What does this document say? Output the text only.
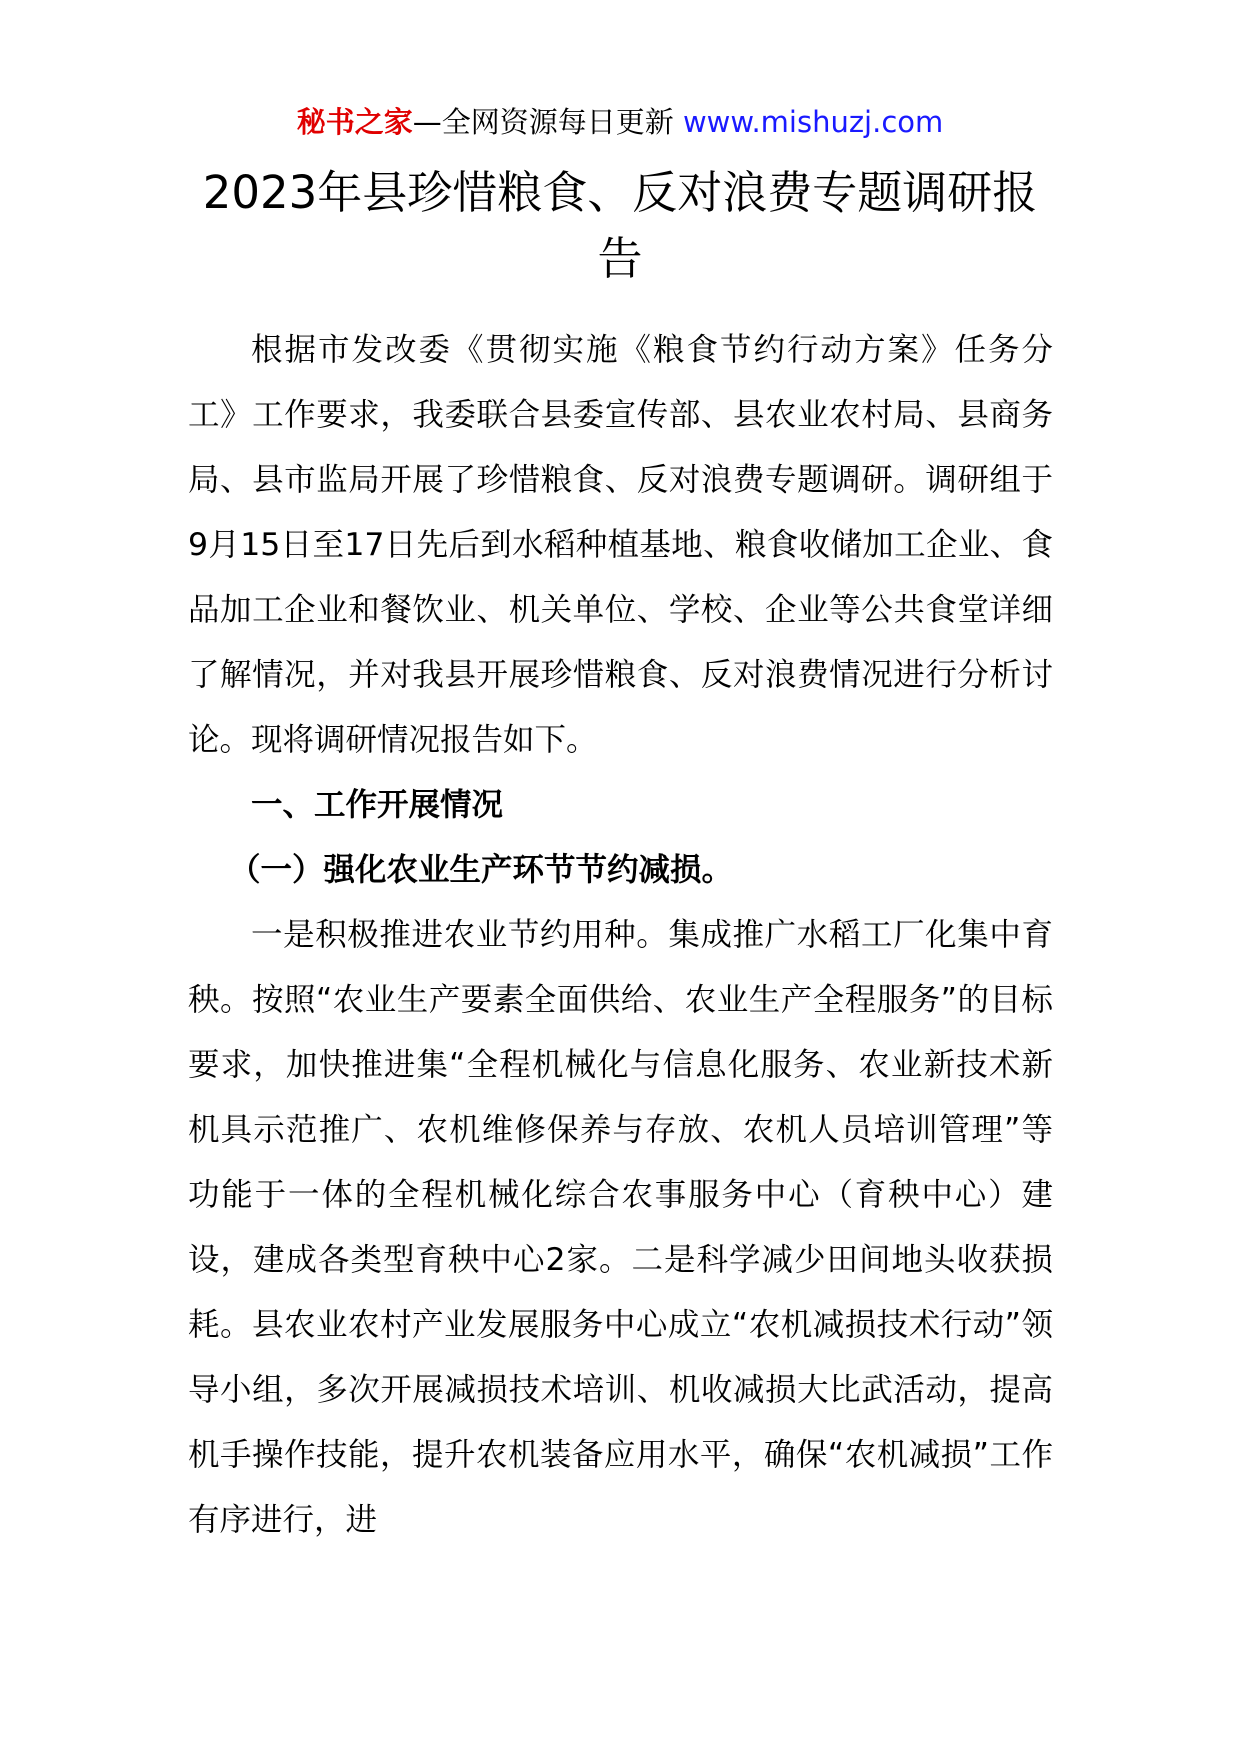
秘书之家—全网资源每日更新 www.mishuzj.com
2023年县珍惜粮食、反对浪费专题调研报告

根据市发改委《贯彻实施《粮食节约行动方案》任务分工》工作要求，我委联合县委宣传部、县农业农村局、县商务局、县市监局开展了珍惜粮食、反对浪费专题调研。调研组于9月15日至17日先后到水稻种植基地、粮食收储加工企业、食品加工企业和餐饮业、机关单位、学校、企业等公共食堂详细了解情况，并对我县开展珍惜粮食、反对浪费情况进行分析讨论。现将调研情况报告如下。

一、工作开展情况

（一）强化农业生产环节节约减损。

一是积极推进农业节约用种。集成推广水稻工厂化集中育秧。按照“农业生产要素全面供给、农业生产全程服务”的目标要求，加快推进集“全程机械化与信息化服务、农业新技术新机具示范推广、农机维修保养与存放、农机人员培训管理”等功能于一体的全程机械化综合农事服务中心（育秧中心）建设，建成各类型育秧中心2家。二是科学减少田间地头收获损耗。县农业农村产业发展服务中心成立“农机减损技术行动”领导小组，多次开展减损技术培训、机收减损大比武活动，提高机手操作技能，提升农机装备应用水平，确保“农机减损”工作有序进行，进
